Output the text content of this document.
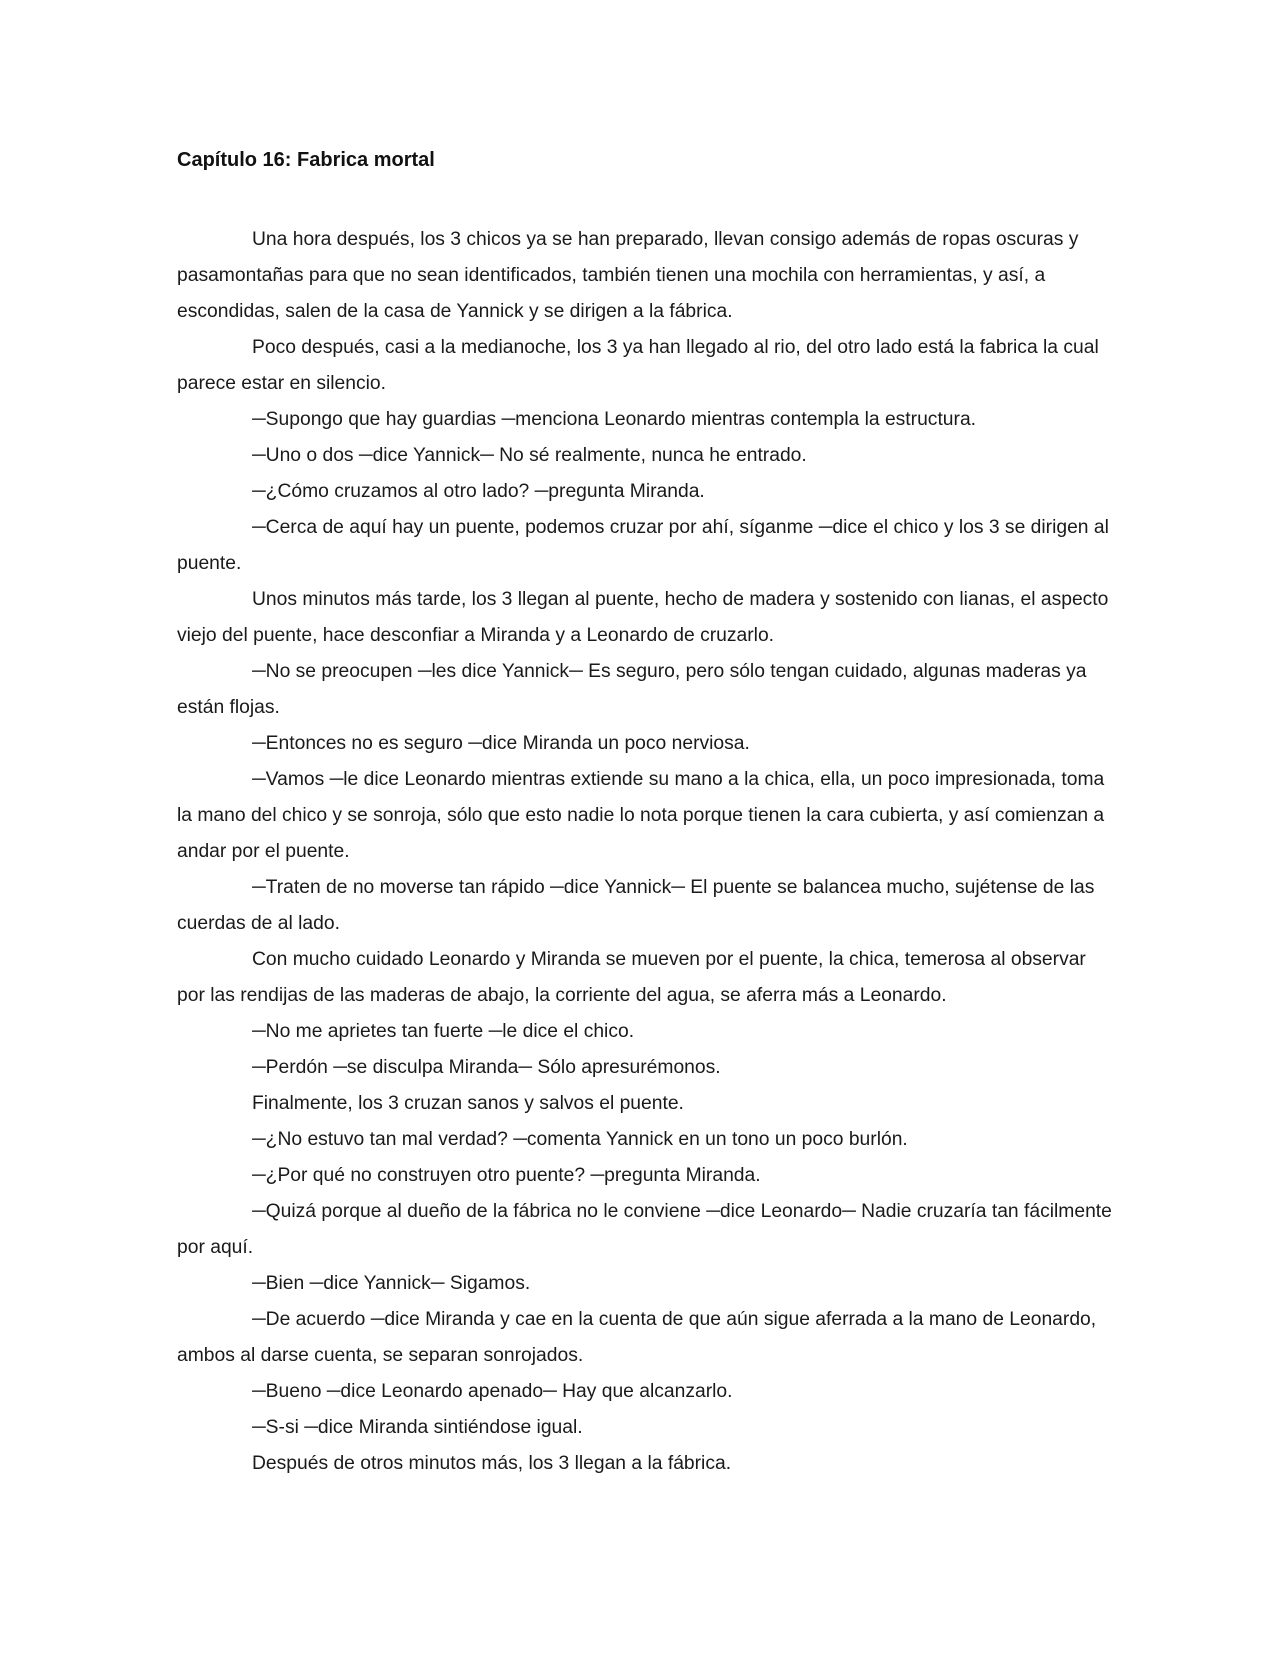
Capítulo 16: Fabrica mortal

Una hora después, los 3 chicos ya se han preparado, llevan consigo además de ropas oscuras y pasamontañas para que no sean identificados, también tienen una mochila con herramientas, y así, a escondidas, salen de la casa de Yannick y se dirigen a la fábrica.

Poco después, casi a la medianoche, los 3 ya han llegado al rio, del otro lado está la fabrica la cual parece estar en silencio.

─Supongo que hay guardias ─menciona Leonardo mientras contempla la estructura.

─Uno o dos ─dice Yannick─ No sé realmente, nunca he entrado.

─¿Cómo cruzamos al otro lado? ─pregunta Miranda.

─Cerca de aquí hay un puente, podemos cruzar por ahí, síganme ─dice el chico y los 3 se dirigen al puente.

Unos minutos más tarde, los 3 llegan al puente, hecho de madera y sostenido con lianas, el aspecto viejo del puente, hace desconfiar a Miranda y a Leonardo de cruzarlo.

─No se preocupen ─les dice Yannick─ Es seguro, pero sólo tengan cuidado, algunas maderas ya están flojas.

─Entonces no es seguro ─dice Miranda un poco nerviosa.

─Vamos ─le dice Leonardo mientras extiende su mano a la chica, ella, un poco impresionada, toma la mano del chico y se sonroja, sólo que esto nadie lo nota porque tienen la cara cubierta, y así comienzan a andar por el puente.

─Traten de no moverse tan rápido ─dice Yannick─ El puente se balancea mucho, sujétense de las cuerdas de al lado.

Con mucho cuidado Leonardo y Miranda se mueven por el puente, la chica, temerosa al observar por las rendijas de las maderas de abajo, la corriente del agua, se aferra más a Leonardo.

─No me aprietes tan fuerte ─le dice el chico.

─Perdón ─se disculpa Miranda─ Sólo apresurémonos.

Finalmente, los 3 cruzan sanos y salvos el puente.

─¿No estuvo tan mal verdad? ─comenta Yannick en un tono un poco burlón.

─¿Por qué no construyen otro puente? ─pregunta Miranda.

─Quizá porque al dueño de la fábrica no le conviene ─dice Leonardo─ Nadie cruzaría tan fácilmente por aquí.

─Bien ─dice Yannick─ Sigamos.

─De acuerdo ─dice Miranda y cae en la cuenta de que aún sigue aferrada a la mano de Leonardo, ambos al darse cuenta, se separan sonrojados.

─Bueno ─dice Leonardo apenado─ Hay que alcanzarlo.

─S-si ─dice Miranda sintiéndose igual.

Después de otros minutos más, los 3 llegan a la fábrica.
